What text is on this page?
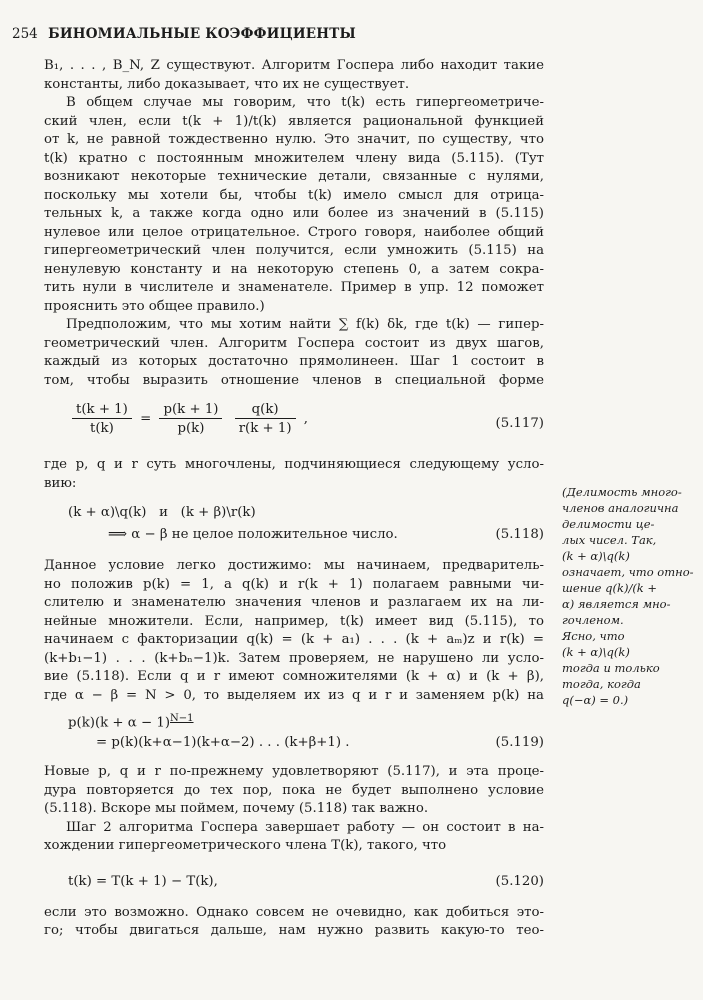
254 БИНОМИАЛЬНЫЕ КОЭФФИЦИЕНТЫ
B₁, . . . , B_N, Z существуют. Алгоритм Госпера либо находит такие
константы, либо доказывает, что их не существует.
В общем случае мы говорим, что t(k) есть гипергеометриче-
ский член, если t(k + 1)/t(k) является рациональной функцией
от k, не равной тождественно нулю. Это значит, по существу, что
t(k) кратно с постоянным множителем члену вида (5.115). (Тут
возникают некоторые технические детали, связанные с нулями,
поскольку мы хотели бы, чтобы t(k) имело смысл для отрица-
тельных k, а также когда одно или более из значений в (5.115)
нулевое или целое отрицательное. Строго говоря, наиболее общий
гипергеометрический член получится, если умножить (5.115) на
ненулевую константу и на некоторую степень 0, а затем сокра-
тить нули в числителе и знаменателе. Пример в упр. 12 поможет
прояснить это общее правило.)
Предположим, что мы хотим найти ∑ f(k) δk, где t(k) — гипер-
геометрический член. Алгоритм Госпера состоит из двух шагов,
каждый из которых достаточно прямолинеен. Шаг 1 состоит в
том, чтобы выразить отношение членов в специальной форме
$\frac{t(k + 1)}{t(k)} = \frac{p(k + 1)}{p(k)}$
$\frac{q(k)}{r(k + 1)}$ ,	(5.117)
где p, q и r суть многочлены, подчиняющиеся следующему усло-
вию:
(k + α)\q(k)   и   (k + β)\r(k)
⟹ α − β не целое положительное число.	(5.118)
Данное условие легко достижимо: мы начинаем, предваритель-
но положив p(k) = 1, а q(k) и r(k + 1) полагаем равными чи-
слителю и знаменателю значения членов и разлагаем их на ли-
нейные множители. Если, например, t(k) имеет вид (5.115), то
начинаем с факторизации q(k) = (k + a₁) . . . (k + aₘ)z и r(k) =
(k+b₁−1) . . . (k+bₙ−1)k. Затем проверяем, не нарушено ли усло-
вие (5.118). Если q и r имеют сомножителями (k + α) и (k + β),
где α − β = N > 0, то выделяем их из q и r и заменяем p(k) на
$p(k)(k + \alpha - 1)^{N-1}$
= p(k)(k+α−1)(k+α−2) . . . (k+β+1) .	(5.119)
Новые p, q и r по-прежнему удовлетворяют (5.117), и эта проце-
дура повторяется до тех пор, пока не будет выполнено условие
(5.118). Вскоре мы поймем, почему (5.118) так важно.
Шаг 2 алгоритма Госпера завершает работу — он состоит в на-
хождении гипергеометрического члена T(k), такого, что
t(k) = T(k + 1) − T(k),	(5.120)
если это возможно. Однако совсем не очевидно, как добиться это-
го; чтобы двигаться дальше, нам нужно развить какую-то тео-
(Делимость много-
членов аналогична
делимости це-
лых чисел. Так,
(k + α)\q(k)
означает, что отно-
шение q(k)/(k +
α) является мно-
гочленом.
Ясно, что
(k + α)\q(k)
тогда и только
тогда, когда
q(−α) = 0.)
